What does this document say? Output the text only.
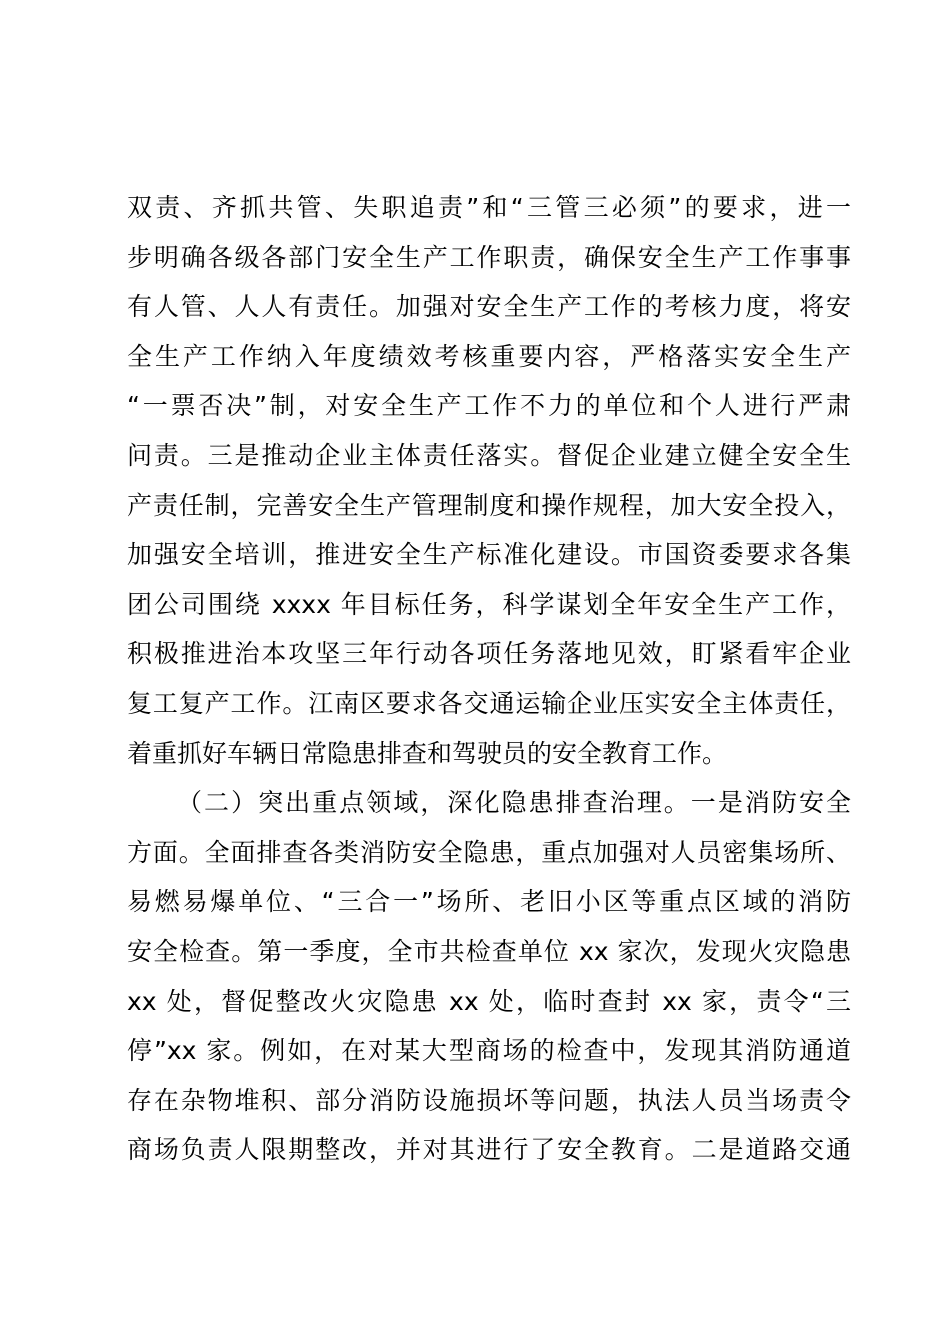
双责、齐抓共管、失职追责”和“三管三必须”的要求，进一
步明确各级各部门安全生产工作职责，确保安全生产工作事事
有人管、人人有责任。加强对安全生产工作的考核力度，将安
全生产工作纳入年度绩效考核重要内容，严格落实安全生产
“一票否决”制，对安全生产工作不力的单位和个人进行严肃
问责。三是推动企业主体责任落实。督促企业建立健全安全生
产责任制，完善安全生产管理制度和操作规程，加大安全投入，
加强安全培训，推进安全生产标准化建设。市国资委要求各集
团公司围绕 xxxx 年目标任务，科学谋划全年安全生产工作，
积极推进治本攻坚三年行动各项任务落地见效，盯紧看牢企业
复工复产工作。江南区要求各交通运输企业压实安全主体责任，
着重抓好车辆日常隐患排查和驾驶员的安全教育工作。
（二）突出重点领域，深化隐患排查治理。一是消防安全
方面。全面排查各类消防安全隐患，重点加强对人员密集场所、
易燃易爆单位、“三合一”场所、老旧小区等重点区域的消防
安全检查。第一季度，全市共检查单位 xx 家次，发现火灾隐患
xx 处，督促整改火灾隐患 xx 处，临时查封 xx 家，责令“三
停”xx 家。例如，在对某大型商场的检查中，发现其消防通道
存在杂物堆积、部分消防设施损坏等问题，执法人员当场责令
商场负责人限期整改，并对其进行了安全教育。二是道路交通
